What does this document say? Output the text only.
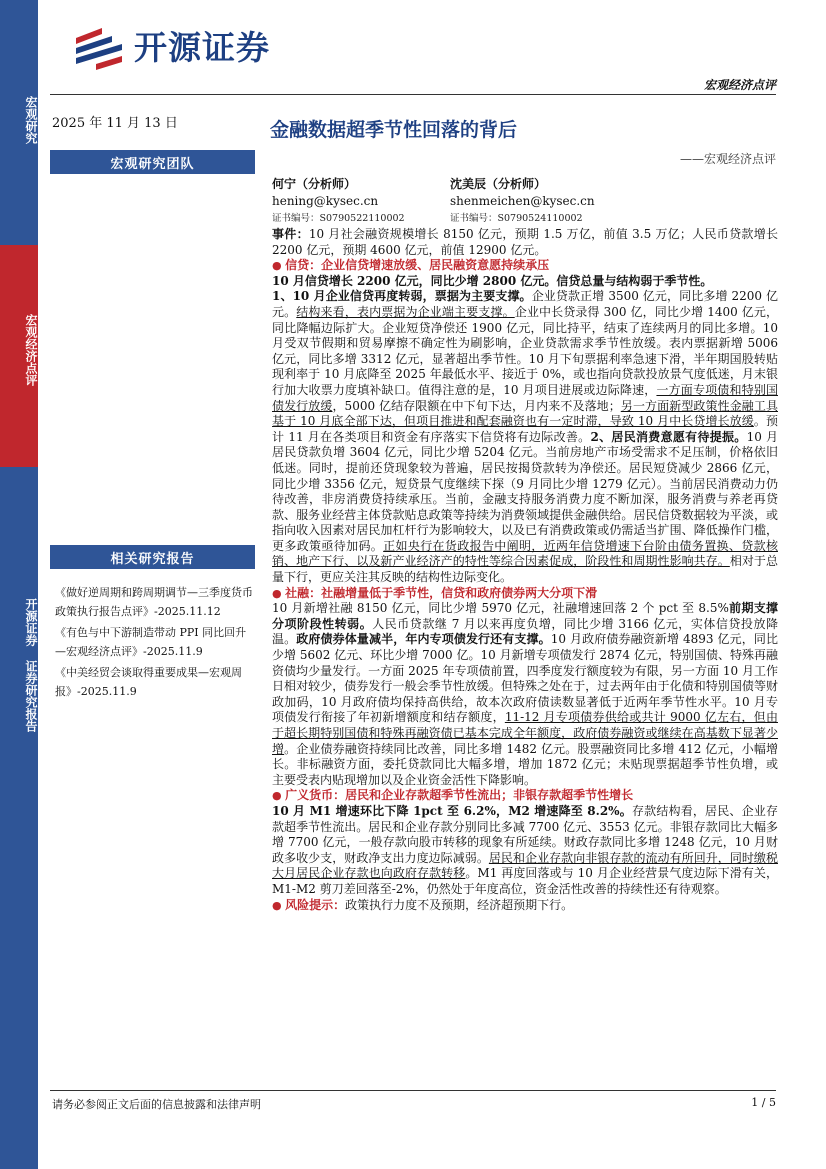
宏观研究
宏观经济点评
开源证券 证券研究报告
开源证券
宏观经济点评
2025 年 11 月 13 日	金融数据超季节性回落的背后
——宏观经济点评
宏观研究团队
何宁（分析师）
hening@kysec.cn
证书编号：S0790522110002
沈美辰（分析师）
shenmeichen@kysec.cn
证书编号：S0790524110002
相关研究报告

《做好逆周期和跨周期调节—三季度货币政策执行报告点评》-2025.11.12

《有色与中下游制造带动 PPI 同比回升—宏观经济点评》-2025.11.9

《中美经贸会谈取得重要成果—宏观周报》-2025.11.9

事件：10 月社会融资规模增长 8150 亿元，预期 1.5 万亿，前值 3.5 万亿；人民币贷款增长 2200 亿元，预期 4600 亿元，前值 12900 亿元。

● 信贷：企业信贷增速放缓、居民融资意愿持续承压

10 月信贷增长 2200 亿元，同比少增 2800 亿元。信贷总量与结构弱于季节性。

1、10 月企业信贷再度转弱，票据为主要支撑。企业贷款正增 3500 亿元，同比多增 2200 亿元。结构来看，表内票据为企业端主要支撑。企业中长贷录得 300 亿，同比少增 1400 亿元，同比降幅边际扩大。企业短贷净偿还 1900 亿元，同比持平，结束了连续两月的同比多增。10 月受双节假期和贸易摩擦不确定性为刷影响，企业贷款需求季节性放缓。表内票据新增 5006 亿元，同比多增 3312 亿元，显著超出季节性。10 月下旬票据利率急速下滑，半年期国股转贴现利率于 10 月底降至 2025 年最低水平、接近于 0%，或也指向贷款投放景气度低迷，月末银行加大收票力度填补缺口。值得注意的是，10 月项目进展或边际降速，一方面专项债和特别国债发行放缓，5000 亿结存限额在中下旬下达，月内来不及落地；另一方面新型政策性金融工具基于 10 月底全部下达，但项目推进和配套融资也有一定时滞，导致 10 月中长贷增长放缓。预计 11 月在各类项目和资金有序落实下信贷将有边际改善。2、居民消费意愿有待提振。10 月居民贷款负增 3604 亿元，同比少增 5204 亿元。当前房地产市场受需求不足压制，价格依旧低迷。同时，提前还贷现象较为普遍，居民按揭贷款转为净偿还。居民短贷减少 2866 亿元，同比少增 3356 亿元，短贷景气度继续下探（9 月同比少增 1279 亿元）。当前居民消费动力仍待改善，非房消费贷持续承压。当前，金融支持服务消费力度不断加深，服务消费与养老再贷款、服务业经营主体贷款贴息政策等持续为消费领域提供金融供给。居民信贷数据较为平淡，或指向收入因素对居民加杠杆行为影响较大，以及已有消费政策或仍需适当扩围、降低操作门槛，更多政策亟待加码。正如央行在货政报告中阐明，近两年信贷增速下台阶由债务置换、贷款核销、地产下行、以及新产业经济产的特性等综合因素促成，阶段性和周期性影响共存。相对于总量下行，更应关注其反映的结构性边际变化。

● 社融：社融增量低于季节性，信贷和政府债券两大分项下滑

10 月新增社融 8150 亿元，同比少增 5970 亿元，社融增速回落 2 个 pct 至 8.5%前期支撑分项阶段性转弱。人民币贷款继 7 月以来再度负增，同比少增 3166 亿元，实体信贷投放降温。政府债券体量减半，年内专项债发行还有支撑。10 月政府债券融资新增 4893 亿元，同比少增 5602 亿元、环比少增 7000 亿。10 月新增专项债发行 2874 亿元，特别国债、特殊再融资债均少量发行。一方面 2025 年专项债前置，四季度发行额度较为有限，另一方面 10 月工作日相对较少，债券发行一般会季节性放缓。但特殊之处在于，过去两年由于化债和特别国债等财政加码，10 月政府债均保持高供给，故本次政府债读数显著低于近两年季节性水平。10 月专项债发行衔接了年初新增额度和结存额度，11-12 月专项债券供给或共计 9000 亿左右，但由于超长期特别国债和特殊再融资债已基本完成全年额度，政府债券融资或继续在高基数下显著少增。企业债券融资持续同比改善，同比多增 1482 亿元。股票融资同比多增 412 亿元，小幅增长。非标融资方面，委托贷款同比大幅多增，增加 1872 亿元；未贴现票据超季节性负增，或主要受表内贴现增加以及企业资金活性下降影响。

● 广义货币：居民和企业存款超季节性流出；非银存款超季节性增长

10 月 M1 增速环比下降 1pct 至 6.2%，M2 增速降至 8.2%。存款结构看，居民、企业存款超季节性流出。居民和企业存款分别同比多减 7700 亿元、3553 亿元。非银存款同比大幅多增 7700 亿元，一般存款向股市转移的现象有所延续。财政存款同比多增 1248 亿元，10 月财政多收少支，财政净支出力度边际减弱。居民和企业存款向非银存款的流动有所回升，同时缴税大月居民企业存款也向政府存款转移。M1 再度回落或与 10 月企业经营景气度边际下滑有关，M1-M2 剪刀差回落至-2%，仍然处于年度高位，资金活性改善的持续性还有待观察。

● 风险提示：政策执行力度不及预期，经济超预期下行。

请务必参阅正文后面的信息披露和法律声明	1 / 5
